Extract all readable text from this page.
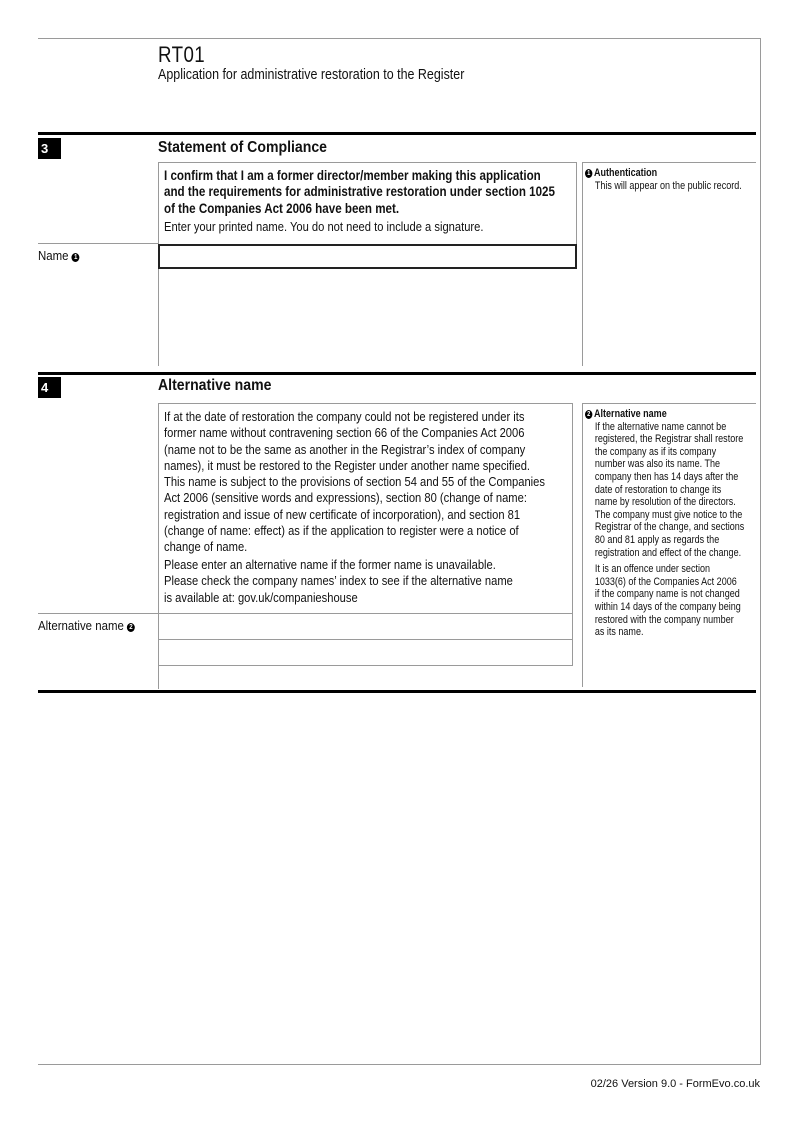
RT01
Application for administrative restoration to the Register
3	Statement of Compliance
I confirm that I am a former director/member making this application
and the requirements for administrative restoration under section 1025
of the Companies Act 2006 have been met.
Enter your printed name. You do not need to include a signature.
Name 1
1 Authentication
This will appear on the public record.
4	Alternative name
If at the date of restoration the company could not be registered under its
former name without contravening section 66 of the Companies Act 2006
(name not to be the same as another in the Registrar’s index of company
names), it must be restored to the Register under another name specified.
This name is subject to the provisions of section 54 and 55 of the Companies
Act 2006 (sensitive words and expressions), section 80 (change of name:
registration and issue of new certificate of incorporation), and section 81
(change of name: effect) as if the application to register were a notice of
change of name.
Please enter an alternative name if the former name is unavailable.
Please check the company names’ index to see if the alternative name
is available at: gov.uk/companieshouse
Alternative name 2
2 Alternative name
If the alternative name cannot be
registered, the Registrar shall restore
the company as if its company
number was also its name. The
company then has 14 days after the
date of restoration to change its
name by resolution of the directors.
The company must give notice to the
Registrar of the change, and sections
80 and 81 apply as regards the
registration and effect of the change.
It is an offence under section
1033(6) of the Companies Act 2006
if the company name is not changed
within 14 days of the company being
restored with the company number
as its name.
02/26 Version 9.0 - FormEvo.co.uk
